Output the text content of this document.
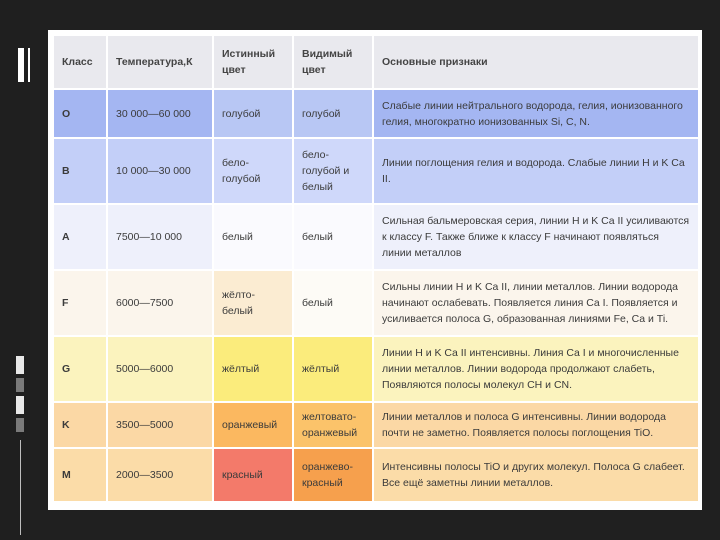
Класс	Температура,К	Истинный цвет	Видимый цвет	Основные признаки
O	30 000—60 000	голубой	голубой	Слабые линии нейтрального водорода, гелия, ионизованного гелия, многократно ионизованных Si, C, N.
B	10 000—30 000	бело-голубой	бело-голубой и белый	Линии поглощения гелия и водорода. Слабые линии H и K Ca II.
A	7500—10 000	белый	белый	Сильная бальмеровская серия, линии H и K Ca II усиливаются к классу F. Также ближе к классу F начинают появляться линии металлов
F	6000—7500	жёлто-белый	белый	Сильны линии H и K Ca II, линии металлов. Линии водорода начинают ослабевать. Появляется линия Ca I. Появляется и усиливается полоса G, образованная линиями Fe, Ca и Ti.
G	5000—6000	жёлтый	жёлтый	Линии H и K Ca II интенсивны. Линия Ca I и многочисленные линии металлов. Линии водорода продолжают слабеть, Появляются полосы молекул CH и CN.
K	3500—5000	оранжевый	желтовато-оранжевый	Линии металлов и полоса G интенсивны. Линии водорода почти не заметно. Появляется полосы поглощения TiO.
M	2000—3500	красный	оранжево-красный	Интенсивны полосы TiO и других молекул. Полоса G слабеет. Все ещё заметны линии металлов.
